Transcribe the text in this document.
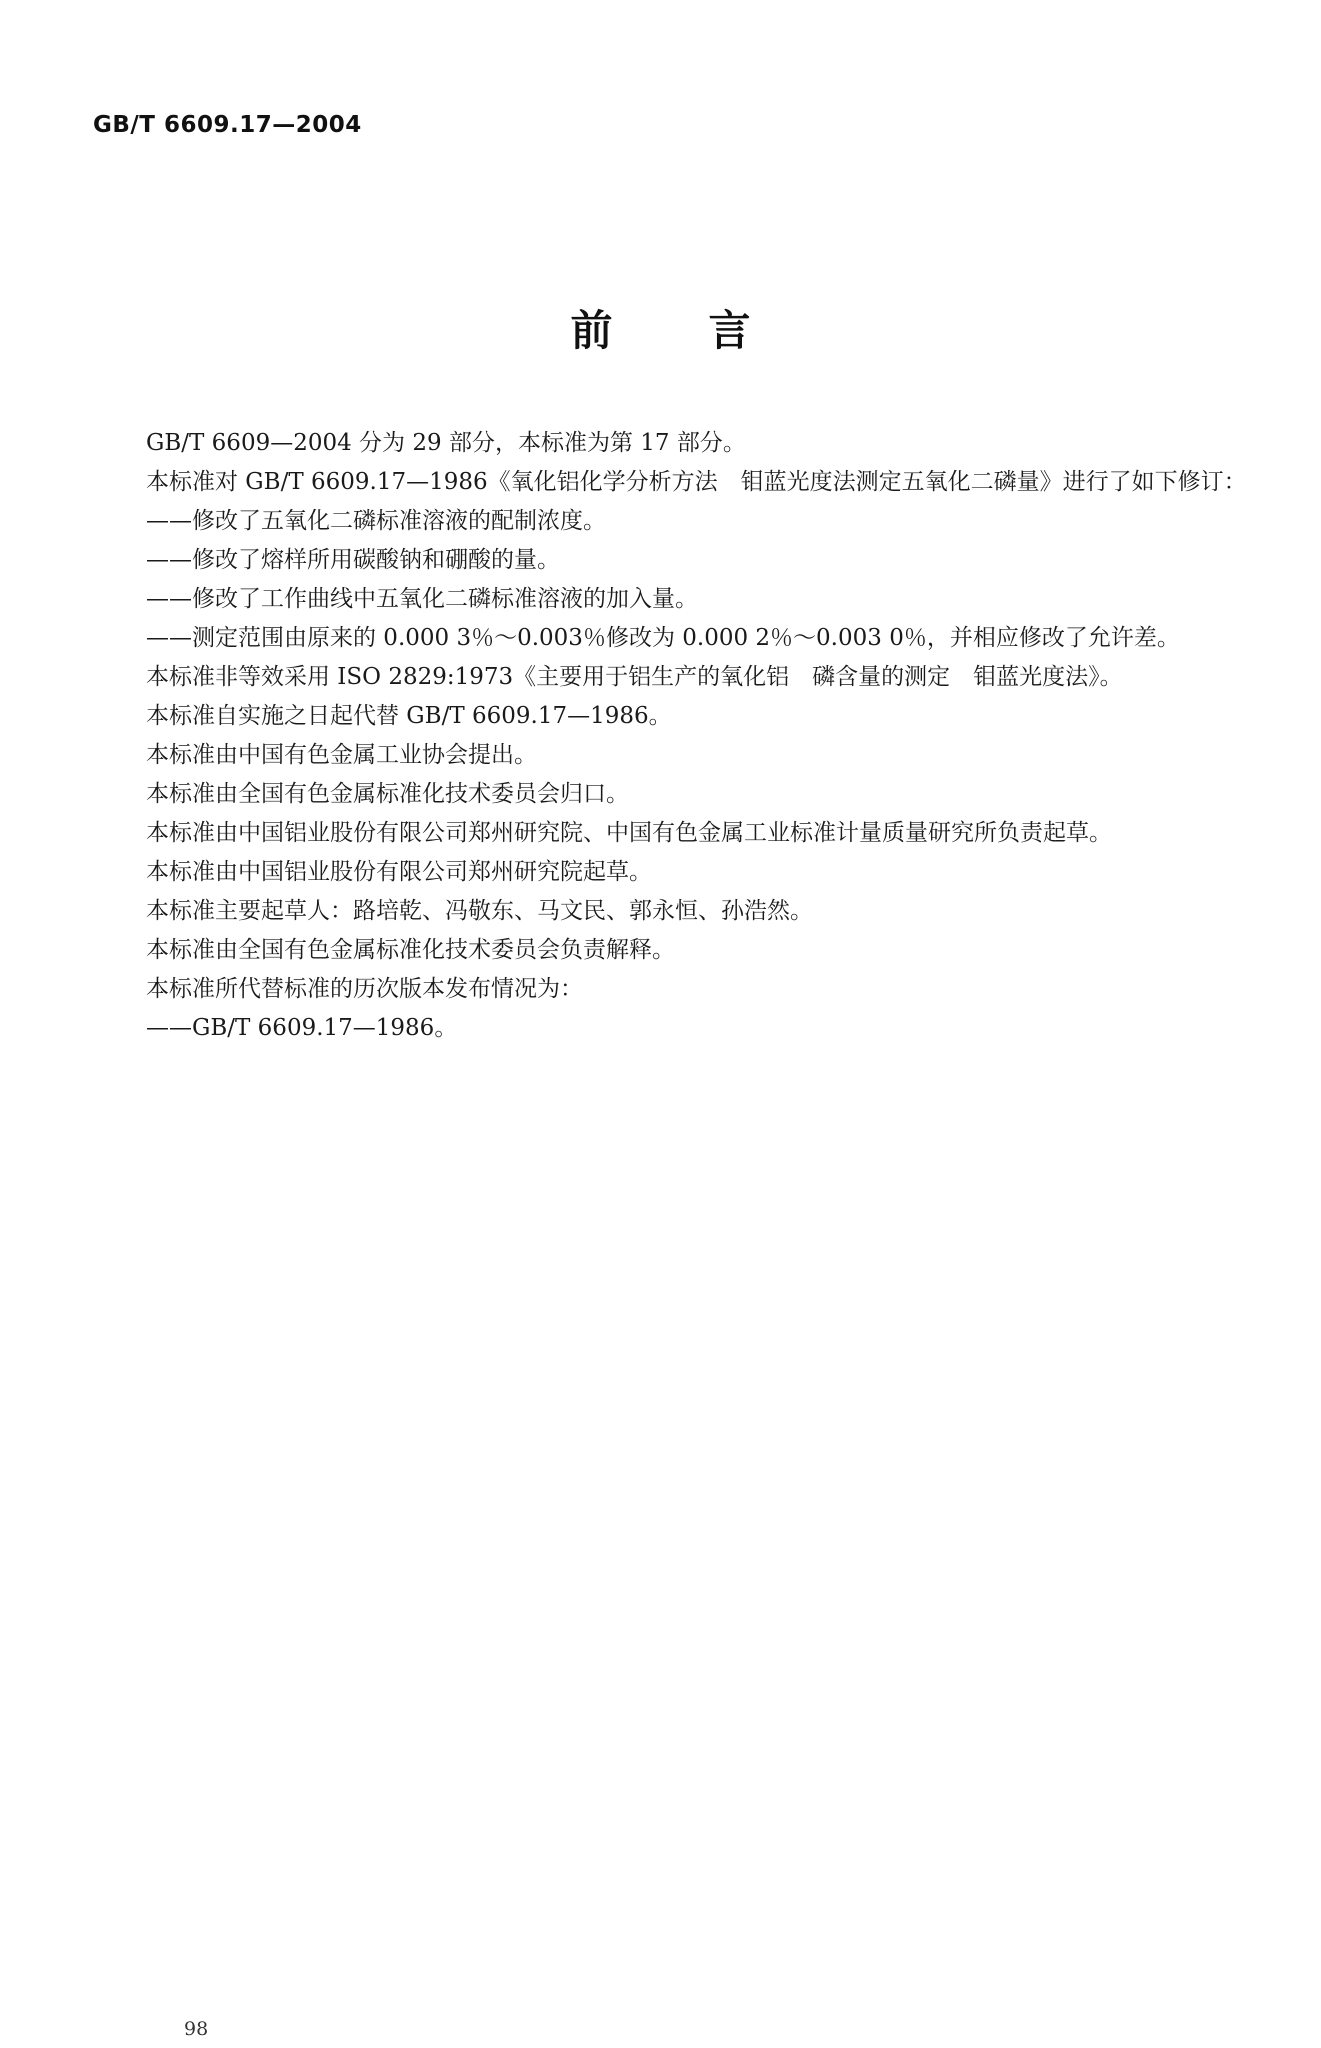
GB/T 6609.17—2004
前言

GB/T 6609—2004 分为 29 部分，本标准为第 17 部分。

本标准对 GB/T 6609.17—1986《氧化铝化学分析方法　钼蓝光度法测定五氧化二磷量》进行了如下修订：

——修改了五氧化二磷标准溶液的配制浓度。

——修改了熔样所用碳酸钠和硼酸的量。

——修改了工作曲线中五氧化二磷标准溶液的加入量。

——测定范围由原来的 0.000 3％～0.003％修改为 0.000 2％～0.003 0％，并相应修改了允许差。

本标准非等效采用 ISO 2829:1973《主要用于铝生产的氧化铝　磷含量的测定　钼蓝光度法》。

本标准自实施之日起代替 GB/T 6609.17—1986。

本标准由中国有色金属工业协会提出。

本标准由全国有色金属标准化技术委员会归口。

本标准由中国铝业股份有限公司郑州研究院、中国有色金属工业标准计量质量研究所负责起草。

本标准由中国铝业股份有限公司郑州研究院起草。

本标准主要起草人：路培乾、冯敬东、马文民、郭永恒、孙浩然。

本标准由全国有色金属标准化技术委员会负责解释。

本标准所代替标准的历次版本发布情况为：

——GB/T 6609.17—1986。

98
